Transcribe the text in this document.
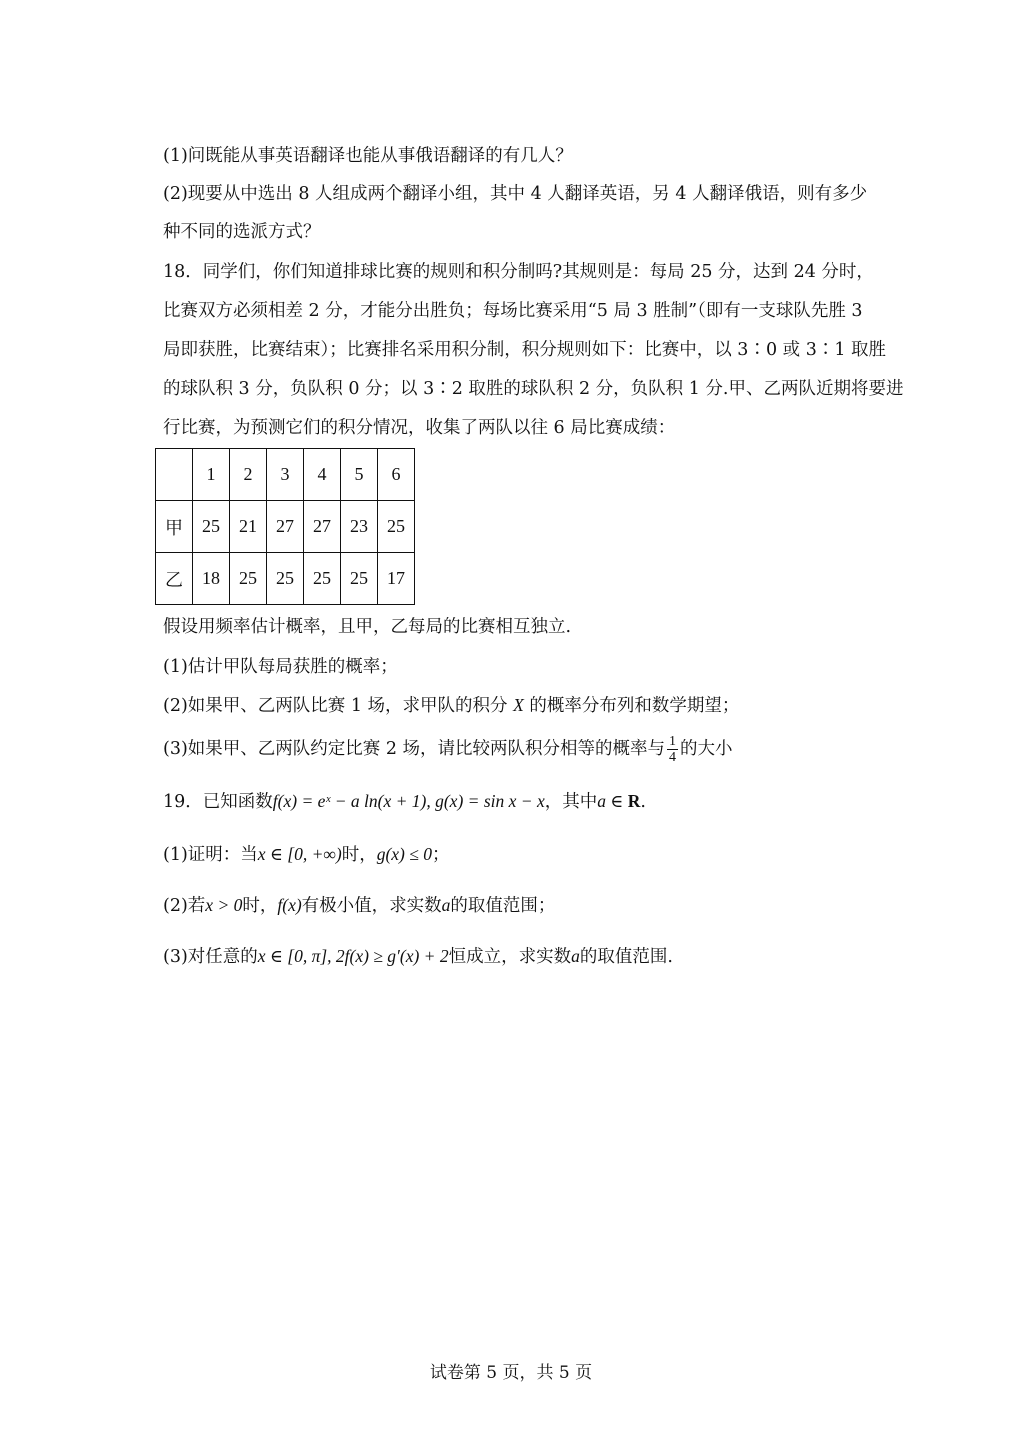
(1)问既能从事英语翻译也能从事俄语翻译的有几人？
(2)现要从中选出 8 人组成两个翻译小组，其中 4 人翻译英语，另 4 人翻译俄语，则有多少
种不同的选派方式？
18．同学们，你们知道排球比赛的规则和积分制吗?其规则是：每局 25 分，达到 24 分时，
比赛双方必须相差 2 分，才能分出胜负；每场比赛采用“5 局 3 胜制”（即有一支球队先胜 3
局即获胜，比赛结束）；比赛排名采用积分制，积分规则如下：比赛中，以 3∶0 或 3∶1 取胜
的球队积 3 分，负队积 0 分；以 3∶2 取胜的球队积 2 分，负队积 1 分.甲、乙两队近期将要进
行比赛，为预测它们的积分情况，收集了两队以往 6 局比赛成绩：
	1	2	3	4	5	6
甲	25	21	27	27	23	25
乙	18	25	25	25	25	17
假设用频率估计概率，且甲，乙每局的比赛相互独立.
(1)估计甲队每局获胜的概率；
(2)如果甲、乙两队比赛 1 场，求甲队的积分 X 的概率分布列和数学期望；
(3)如果甲、乙两队约定比赛 2 场，请比较两队积分相等的概率与 $\frac{1}{4}$ 的大小
19．已知函数f(x) = eˣ − a ln(x + 1), g(x) = sin x − x，其中a ∈ R.
(1)证明：当x ∈ [0, +∞)时，g(x) ≤ 0；
(2)若x > 0时，f(x)有极小值，求实数a的取值范围；
(3)对任意的x ∈ [0, π], 2f(x) ≥ g′(x) + 2恒成立，求实数a的取值范围.
试卷第 5 页，共 5 页
